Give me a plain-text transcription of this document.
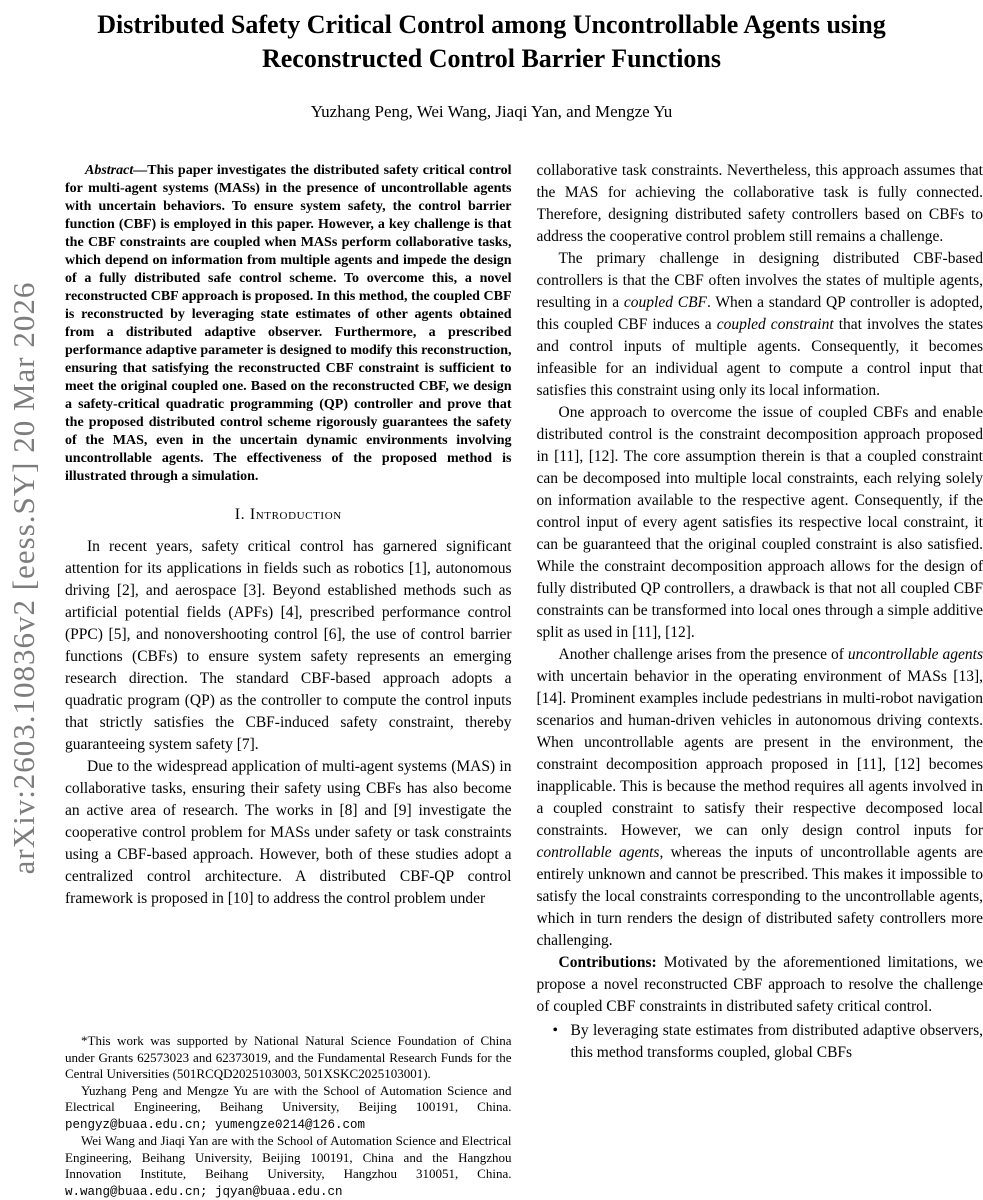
arXiv:2603.10836v2 [eess.SY] 20 Mar 2026
Distributed Safety Critical Control among Uncontrollable Agents using
Reconstructed Control Barrier Functions
Yuzhang Peng, Wei Wang, Jiaqi Yan, and Mengze Yu

Abstract—This paper investigates the distributed safety critical control for multi-agent systems (MASs) in the presence of uncontrollable agents with uncertain behaviors. To ensure system safety, the control barrier function (CBF) is employed in this paper. However, a key challenge is that the CBF constraints are coupled when MASs perform collaborative tasks, which depend on information from multiple agents and impede the design of a fully distributed safe control scheme. To overcome this, a novel reconstructed CBF approach is proposed. In this method, the coupled CBF is reconstructed by leveraging state estimates of other agents obtained from a distributed adaptive observer. Furthermore, a prescribed performance adaptive parameter is designed to modify this reconstruction, ensuring that satisfying the reconstructed CBF constraint is sufficient to meet the original coupled one. Based on the reconstructed CBF, we design a safety-critical quadratic programming (QP) controller and prove that the proposed distributed control scheme rigorously guarantees the safety of the MAS, even in the uncertain dynamic environments involving uncontrollable agents. The effectiveness of the proposed method is illustrated through a simulation.

I. Introduction

In recent years, safety critical control has garnered significant attention for its applications in fields such as robotics [1], autonomous driving [2], and aerospace [3]. Beyond established methods such as artificial potential fields (APFs) [4], prescribed performance control (PPC) [5], and nonovershooting control [6], the use of control barrier functions (CBFs) to ensure system safety represents an emerging research direction. The standard CBF-based approach adopts a quadratic program (QP) as the controller to compute the control inputs that strictly satisfies the CBF-induced safety constraint, thereby guaranteeing system safety [7].

Due to the widespread application of multi-agent systems (MAS) in collaborative tasks, ensuring their safety using CBFs has also become an active area of research. The works in [8] and [9] investigate the cooperative control problem for MASs under safety or task constraints using a CBF-based approach. However, both of these studies adopt a centralized control architecture. A distributed CBF-QP control framework is proposed in [10] to address the control problem under

*This work was supported by National Natural Science Foundation of China under Grants 62573023 and 62373019, and the Fundamental Research Funds for the Central Universities (501RCQD2025103003, 501XSKC2025103001).

Yuzhang Peng and Mengze Yu are with the School of Automation Science and Electrical Engineering, Beihang University, Beijing 100191, China. pengyz@buaa.edu.cn; yumengze0214@126.com

Wei Wang and Jiaqi Yan are with the School of Automation Science and Electrical Engineering, Beihang University, Beijing 100191, China and the Hangzhou Innovation Institute, Beihang University, Hangzhou 310051, China. w.wang@buaa.edu.cn; jqyan@buaa.edu.cn

collaborative task constraints. Nevertheless, this approach assumes that the MAS for achieving the collaborative task is fully connected. Therefore, designing distributed safety controllers based on CBFs to address the cooperative control problem still remains a challenge.

The primary challenge in designing distributed CBF-based controllers is that the CBF often involves the states of multiple agents, resulting in a coupled CBF. When a standard QP controller is adopted, this coupled CBF induces a coupled constraint that involves the states and control inputs of multiple agents. Consequently, it becomes infeasible for an individual agent to compute a control input that satisfies this constraint using only its local information.

One approach to overcome the issue of coupled CBFs and enable distributed control is the constraint decomposition approach proposed in [11], [12]. The core assumption therein is that a coupled constraint can be decomposed into multiple local constraints, each relying solely on information available to the respective agent. Consequently, if the control input of every agent satisfies its respective local constraint, it can be guaranteed that the original coupled constraint is also satisfied. While the constraint decomposition approach allows for the design of fully distributed QP controllers, a drawback is that not all coupled CBF constraints can be transformed into local ones through a simple additive split as used in [11], [12].

Another challenge arises from the presence of uncontrollable agents with uncertain behavior in the operating environment of MASs [13], [14]. Prominent examples include pedestrians in multi-robot navigation scenarios and human-driven vehicles in autonomous driving contexts. When uncontrollable agents are present in the environment, the constraint decomposition approach proposed in [11], [12] becomes inapplicable. This is because the method requires all agents involved in a coupled constraint to satisfy their respective decomposed local constraints. However, we can only design control inputs for controllable agents, whereas the inputs of uncontrollable agents are entirely unknown and cannot be prescribed. This makes it impossible to satisfy the local constraints corresponding to the uncontrollable agents, which in turn renders the design of distributed safety controllers more challenging.

Contributions: Motivated by the aforementioned limitations, we propose a novel reconstructed CBF approach to resolve the challenge of coupled CBF constraints in distributed safety critical control.

• By leveraging state estimates from distributed adaptive observers, this method transforms coupled, global CBFs
